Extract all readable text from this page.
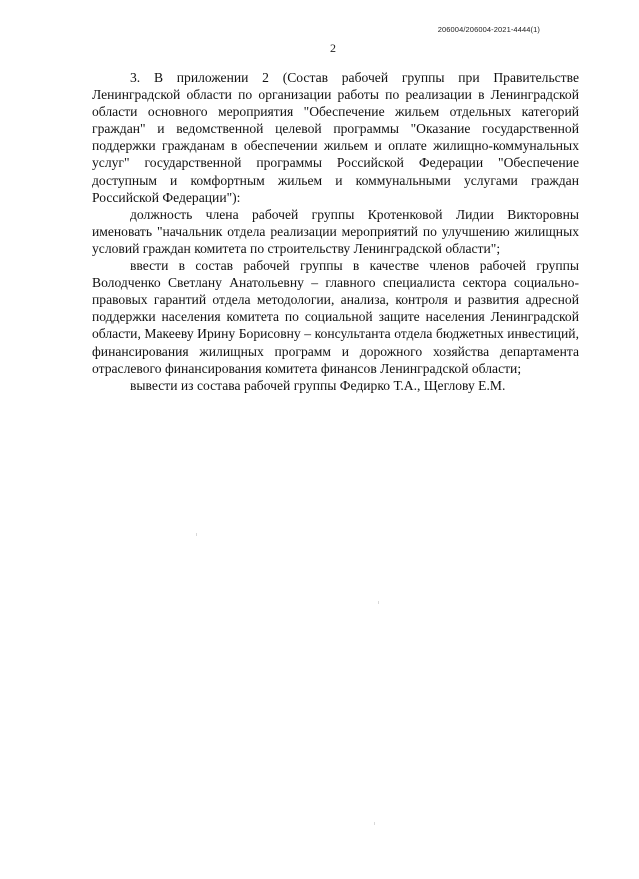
206004/206004-2021-4444(1)
2

3. В приложении 2 (Состав рабочей группы при Правительстве Ленинградской области по организации работы по реализации в Ленинградской области основного мероприятия "Обеспечение жильем отдельных категорий граждан" и ведомственной целевой программы "Оказание государственной поддержки гражданам в обеспечении жильем и оплате жилищно-коммунальных услуг" государственной программы Российской Федерации "Обеспечение доступным и комфортным жильем и коммунальными услугами граждан Российской Федерации"):

должность члена рабочей группы Кротенковой Лидии Викторовны именовать "начальник отдела реализации мероприятий по улучшению жилищных условий граждан комитета по строительству Ленинградской области";

ввести в состав рабочей группы в качестве членов рабочей группы Володченко Светлану Анатольевну – главного специалиста сектора социально-правовых гарантий отдела методологии, анализа, контроля и развития адресной поддержки населения комитета по социальной защите населения Ленинградской области, Макееву Ирину Борисовну – консультанта отдела бюджетных инвестиций, финансирования жилищных программ и дорожного хозяйства департамента отраслевого финансирования комитета финансов Ленинградской области;

вывести из состава рабочей группы Федирко Т.А., Щеглову Е.М.
